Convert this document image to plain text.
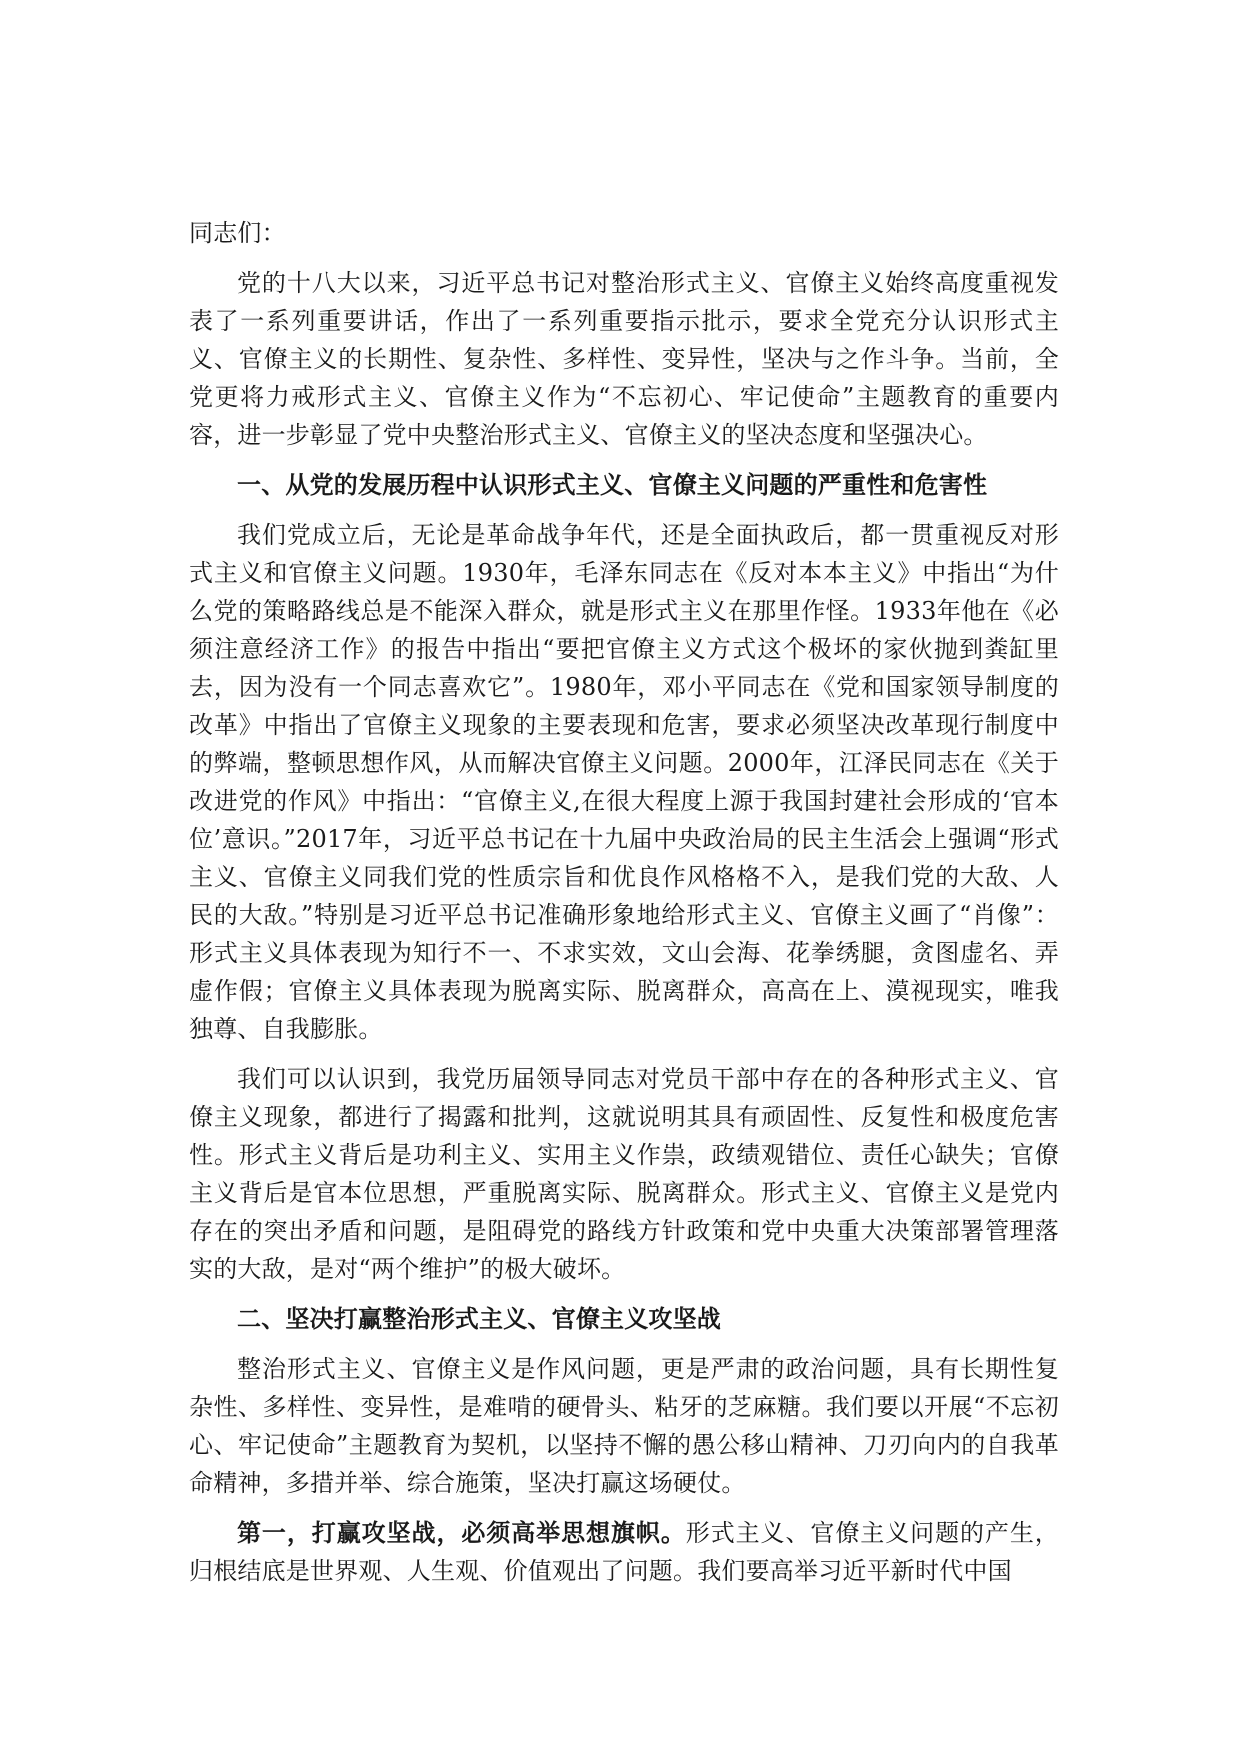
同志们：

党的十八大以来，习近平总书记对整治形式主义、官僚主义始终高度重视发表了一系列重要讲话，作出了一系列重要指示批示，要求全党充分认识形式主义、官僚主义的长期性、复杂性、多样性、变异性，坚决与之作斗争。当前，全党更将力戒形式主义、官僚主义作为“不忘初心、牢记使命”主题教育的重要内容，进一步彰显了党中央整治形式主义、官僚主义的坚决态度和坚强决心。

一、从党的发展历程中认识形式主义、官僚主义问题的严重性和危害性

我们党成立后，无论是革命战争年代，还是全面执政后，都一贯重视反对形式主义和官僚主义问题。1930年，毛泽东同志在《反对本本主义》中指出“为什么党的策略路线总是不能深入群众，就是形式主义在那里作怪。1933年他在《必须注意经济工作》的报告中指出“要把官僚主义方式这个极坏的家伙抛到粪缸里去，因为没有一个同志喜欢它”。1980年，邓小平同志在《党和国家领导制度的改革》中指出了官僚主义现象的主要表现和危害，要求必须坚决改革现行制度中的弊端，整顿思想作风，从而解决官僚主义问题。2000年，江泽民同志在《关于改进党的作风》中指出：“官僚主义,在很大程度上源于我国封建社会形成的‘官本位’意识。”2017年，习近平总书记在十九届中央政治局的民主生活会上强调“形式主义、官僚主义同我们党的性质宗旨和优良作风格格不入，是我们党的大敌、人民的大敌。”特别是习近平总书记准确形象地给形式主义、官僚主义画了“肖像”：形式主义具体表现为知行不一、不求实效，文山会海、花拳绣腿，贪图虚名、弄虚作假；官僚主义具体表现为脱离实际、脱离群众，高高在上、漠视现实，唯我独尊、自我膨胀。

我们可以认识到，我党历届领导同志对党员干部中存在的各种形式主义、官僚主义现象，都进行了揭露和批判，这就说明其具有顽固性、反复性和极度危害性。形式主义背后是功利主义、实用主义作祟，政绩观错位、责任心缺失；官僚主义背后是官本位思想，严重脱离实际、脱离群众。形式主义、官僚主义是党内存在的突出矛盾和问题，是阻碍党的路线方针政策和党中央重大决策部署管理落实的大敌，是对“两个维护”的极大破坏。

二、坚决打赢整治形式主义、官僚主义攻坚战

整治形式主义、官僚主义是作风问题，更是严肃的政治问题，具有长期性复杂性、多样性、变异性，是难啃的硬骨头、粘牙的芝麻糖。我们要以开展“不忘初心、牢记使命”主题教育为契机，以坚持不懈的愚公移山精神、刀刃向内的自我革命精神，多措并举、综合施策，坚决打赢这场硬仗。

第一，打赢攻坚战，必须高举思想旗帜。形式主义、官僚主义问题的产生，归根结底是世界观、人生观、价值观出了问题。我们要高举习近平新时代中国
